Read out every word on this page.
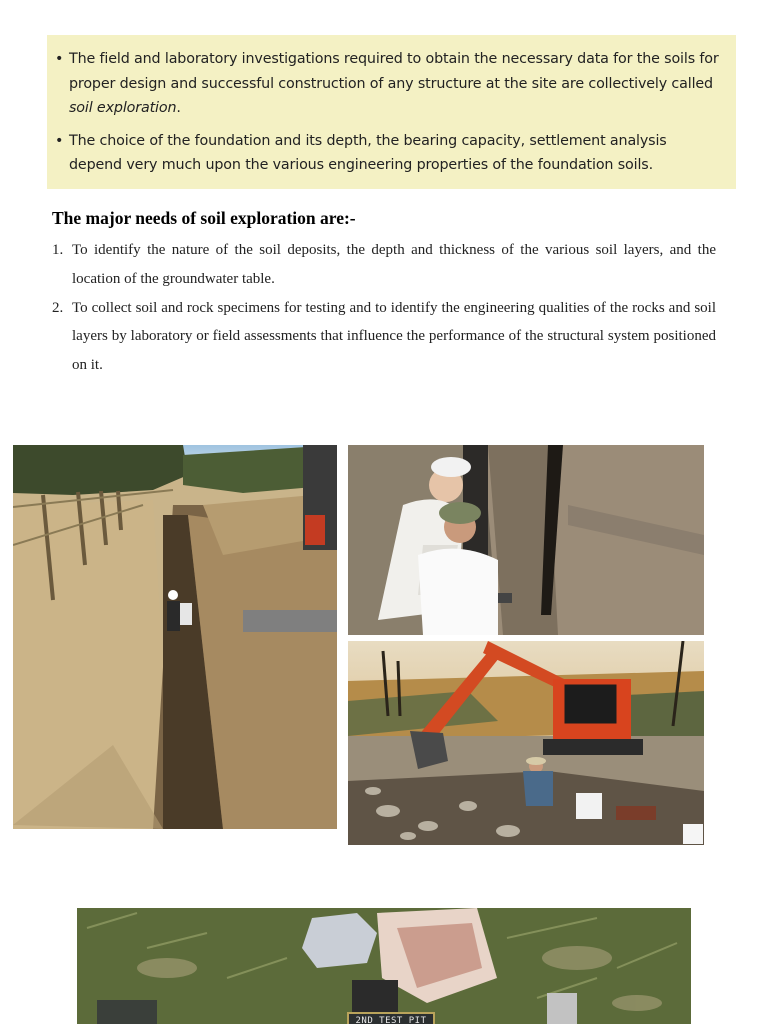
• The field and laboratory investigations required to obtain the necessary data for the soils for proper design and successful construction of any structure at the site are collectively called soil exploration.
• The choice of the foundation and its depth, the bearing capacity, settlement analysis depend very much upon the various engineering properties of the foundation soils.
The major needs of soil exploration are:-
1. To identify the nature of the soil deposits, the depth and thickness of the various soil layers, and the location of the groundwater table.
2. To collect soil and rock specimens for testing and to identify the engineering qualities of the rocks and soil layers by laboratory or field assessments that influence the performance of the structural system positioned on it.
2ND TEST PIT
